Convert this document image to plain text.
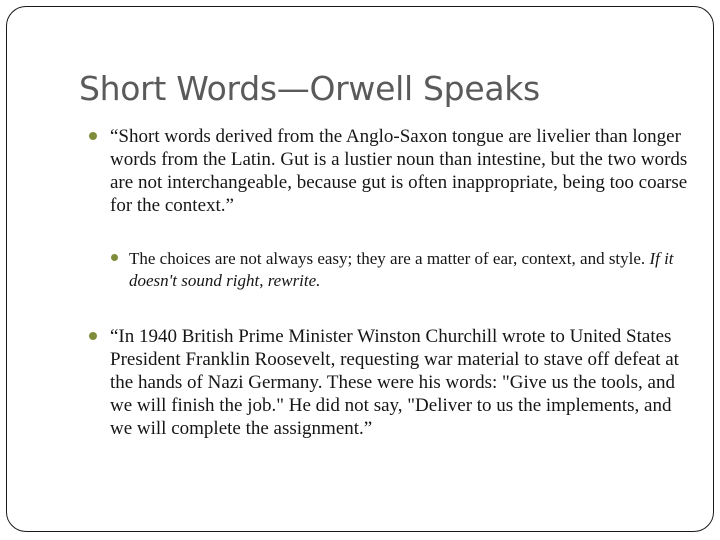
Short Words—Orwell Speaks

“Short words derived from the Anglo-Saxon tongue are livelier than longer words from the Latin. Gut is a lustier noun than intestine, but the two words are not interchangeable, because gut is often inappropriate, being too coarse for the context.”

The choices are not always easy; they are a matter of ear, context, and style. If it doesn't sound right, rewrite.

“In 1940 British Prime Minister Winston Churchill wrote to United States President Franklin Roosevelt, requesting war material to stave off defeat at the hands of Nazi Germany. These were his words: "Give us the tools, and we will finish the job." He did not say, "Deliver to us the implements, and we will complete the assignment.”
